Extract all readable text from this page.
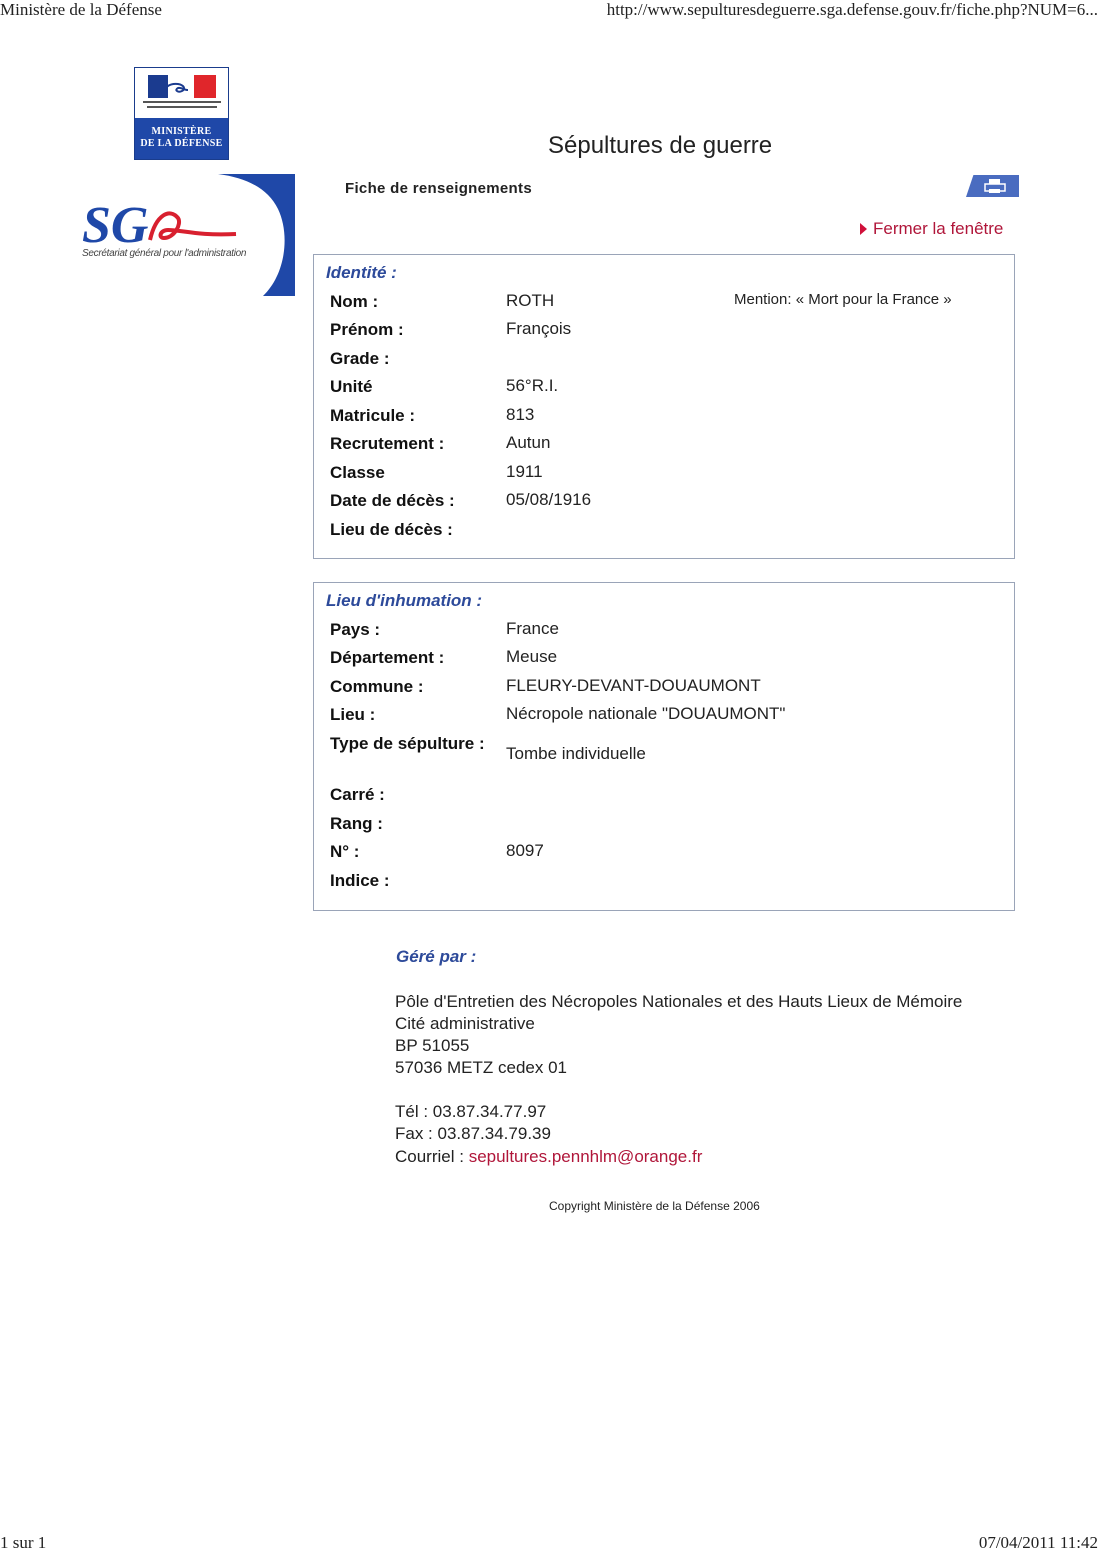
Ministère de la Défense	http://www.sepulturesdeguerre.sga.defense.gouv.fr/fiche.php?NUM=6...
MINISTÈRE
DE LA DÉFENSE
SG
Secrétariat général pour l'administration
Sépultures de guerre
Fiche de renseignements
Fermer la fenêtre
Identité :
Mention: « Mort pour la France »
Nom :	ROTH
Prénom :	François
Grade :
Unité	56°R.I.
Matricule :	813
Recrutement :	Autun
Classe	1911
Date de décès :	05/08/1916
Lieu de décès :
Lieu d'inhumation :
Pays :	France
Département :	Meuse
Commune :	FLEURY-DEVANT-DOUAUMONT
Lieu :	Nécropole nationale "DOUAUMONT"
Type de sépulture :
Tombe individuelle
Carré :
Rang :
N° :	8097
Indice :
Géré par :
Pôle d'Entretien des Nécropoles Nationales et des Hauts Lieux de Mémoire
Cité administrative
BP 51055
57036 METZ cedex 01
Tél : 03.87.34.77.97
Fax : 03.87.34.79.39
Courriel : sepultures.pennhlm@orange.fr
Copyright Ministère de la Défense 2006
1 sur 1	07/04/2011 11:42
